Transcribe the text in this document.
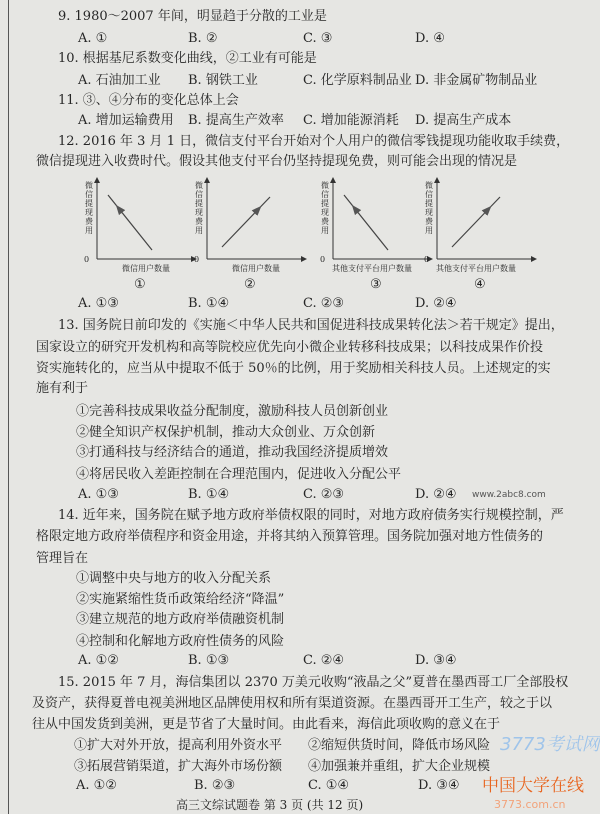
9. 1980～2007 年间，明显趋于分散的工业是
A. ①	B. ②	C. ③	D. ④
10. 根据基尼系数变化曲线，②工业有可能是
A. 石油加工业 B. 钢铁工业	C. 化学原料制品业 D. 非金属矿物制品业
11. ③、④分布的变化总体上会
A. 增加运输费用 B. 提高生产效率 C. 增加能源消耗 D. 提高生产成本
12. 2016 年 3 月 1 日，微信支付平台开始对个人用户的微信零钱提现功能收取手续费，
微信提现进入收费时代。假设其他支付平台仍坚持提现免费，则可能会出现的情况是
微信提现费用
0
微信用户数量
①
微信提现费用
0
微信用户数量
②
微信提现费用
0
其他支付平台用户数量
③
微信提现费用
0
其他支付平台用户数量
④
A. ①③	B. ①④	C. ②③	D. ②④
13. 国务院日前印发的《实施＜中华人民共和国促进科技成果转化法＞若干规定》提出，
国家设立的研究开发机构和高等院校应优先向小微企业转移科技成果；以科技成果作价投
资实施转化的，应当从中提取不低于 50％的比例，用于奖励相关科技人员。上述规定的实
施有利于
①完善科技成果收益分配制度，激励科技人员创新创业
②健全知识产权保护机制，推动大众创业、万众创新
③打通科技与经济结合的通道，推动我国经济提质增效
④将居民收入差距控制在合理范围内，促进收入分配公平
A. ①③	B. ①④	C. ②③	D. ②④
14. 近年来，国务院在赋予地方政府举债权限的同时，对地方政府债务实行规模控制，严
格限定地方政府举债程序和资金用途，并将其纳入预算管理。国务院加强对地方性债务的
管理旨在
①调整中央与地方的收入分配关系
②实施紧缩性货币政策给经济“降温”
③建立规范的地方政府举债融资机制
④控制和化解地方政府性债务的风险
A. ①②	B. ①③	C. ②④	D. ③④
15. 2015 年 7 月，海信集团以 2370 万美元收购“液晶之父”夏普在墨西哥工厂全部股权
及资产，获得夏普电视美洲地区品牌使用权和所有渠道资源。在墨西哥开工生产，较之于以
往从中国发货到美洲，更是节省了大量时间。由此看来，海信此项收购的意义在于
①扩大对外开放，提高利用外资水平 ②缩短供货时间，降低市场风险
③拓展营销渠道，扩大海外市场份额 ④加强兼并重组，扩大企业规模
A. ①②	B. ②③	C. ①④	D. ③④
www.2abc8.com
3773考试网
中国大学在线
3773.com.cn
高三文综试题卷 第 3 页 (共 12 页)
